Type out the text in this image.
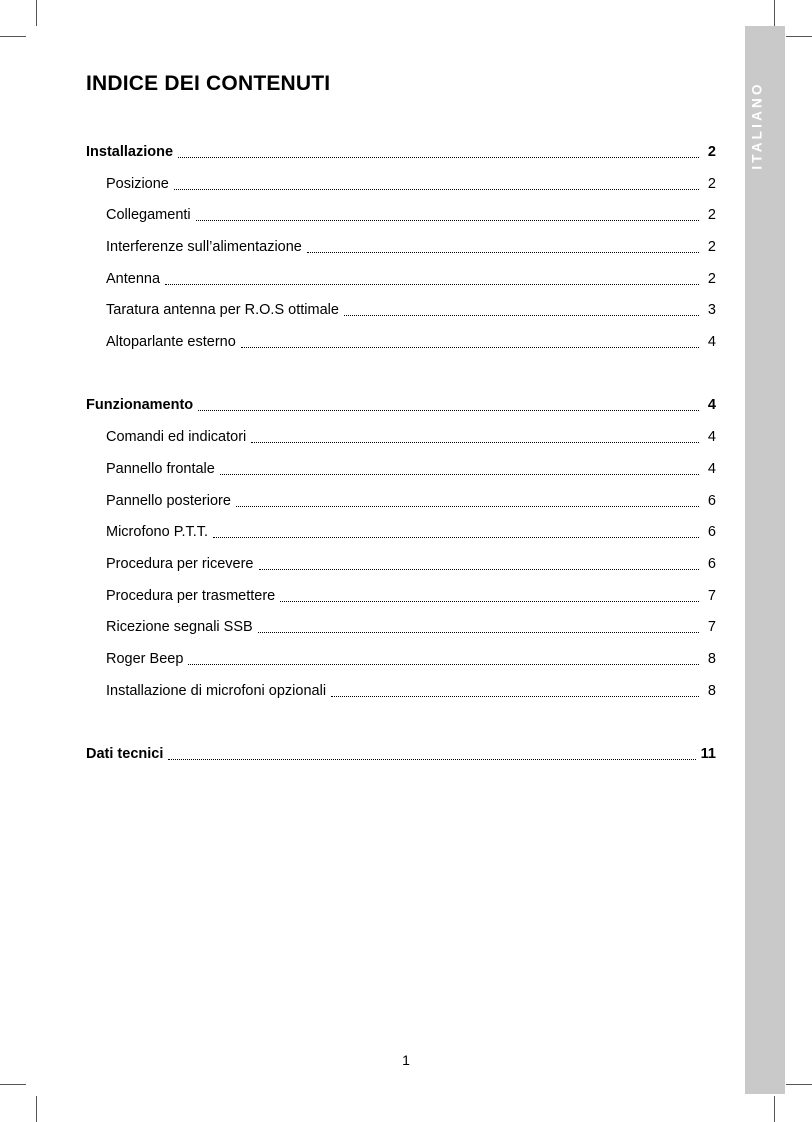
ITALIANO
INDICE DEI CONTENUTI
Installazione	2
Posizione	2
Collegamenti	2
Interferenze sull’alimentazione	2
Antenna	2
Taratura antenna per R.O.S ottimale	3
Altoparlante esterno	4
Funzionamento	4
Comandi ed indicatori	4
Pannello frontale	4
Pannello posteriore	6
Microfono P.T.T.	6
Procedura per ricevere	6
Procedura per trasmettere	7
Ricezione segnali SSB	7
Roger Beep	8
Installazione di microfoni opzionali	8
Dati tecnici	11
1
